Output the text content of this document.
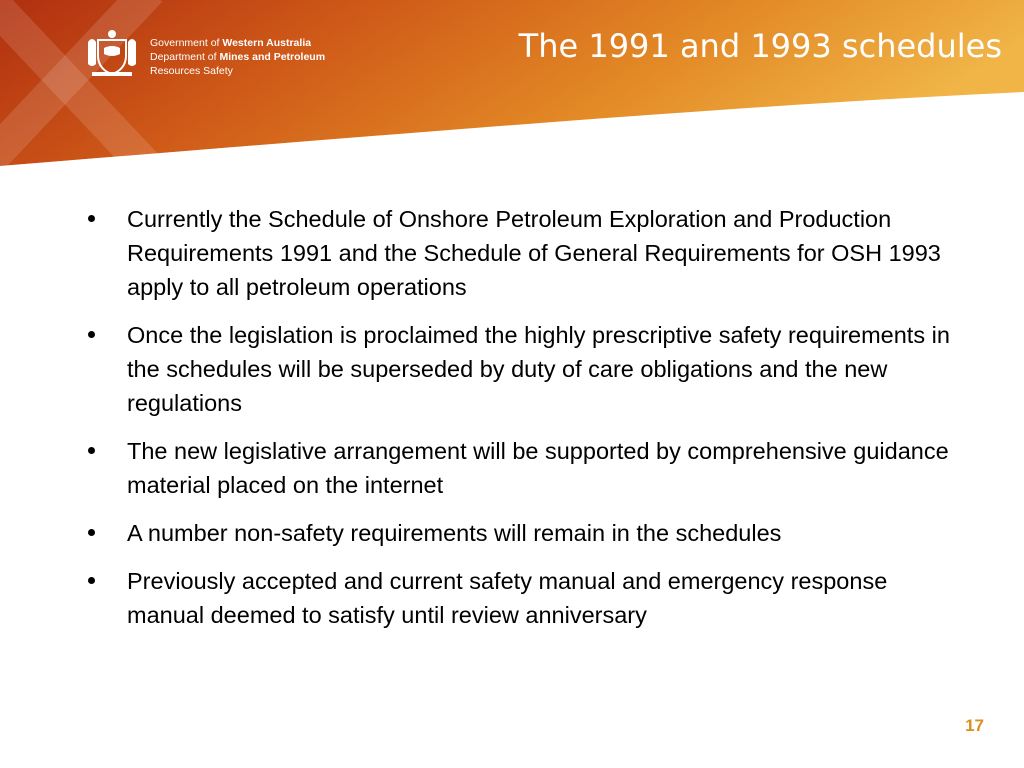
Government of Western Australia
Department of Mines and Petroleum
Resources Safety
The 1991 and 1993 schedules
Currently the Schedule of Onshore Petroleum Exploration and Production Requirements 1991 and the Schedule of General Requirements for OSH 1993 apply to all petroleum operations
Once the legislation is proclaimed the highly prescriptive safety requirements in the schedules will be superseded by duty of care obligations and the new regulations
The new legislative arrangement will be supported by comprehensive guidance material placed on the internet
A number non-safety requirements will remain in the schedules
Previously accepted and current safety manual and emergency response manual deemed to satisfy until review anniversary
17
